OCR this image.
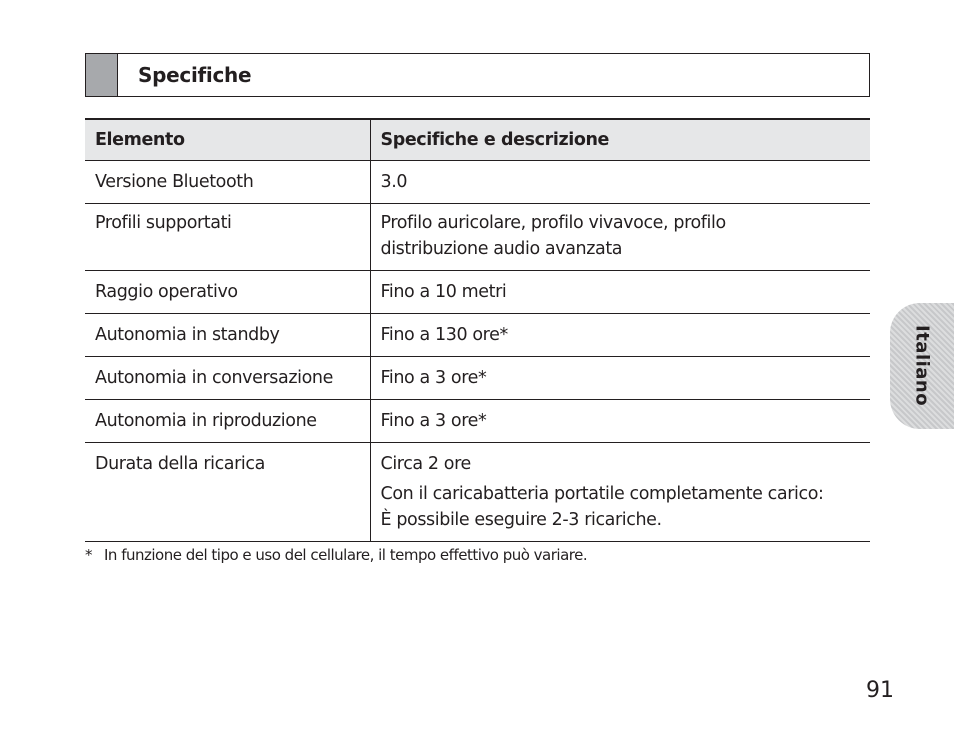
Specifiche
Elemento	Specifiche e descrizione
Versione Bluetooth	3.0

Profili supportati	Profilo auricolare, profilo vivavoce, profilo
distribuzione audio avanzata

Raggio operativo	Fino a 10 metri

Autonomia in standby	Fino a 130 ore*

Autonomia in conversazione	Fino a 3 ore*

Autonomia in riproduzione	Fino a 3 ore*

Durata della ricarica	Circa 2 ore
Con il caricabatteria portatile completamente carico:
È possibile eseguire 2-3 ricariche.
* In funzione del tipo e uso del cellulare, il tempo effettivo può variare.
Italiano
91
